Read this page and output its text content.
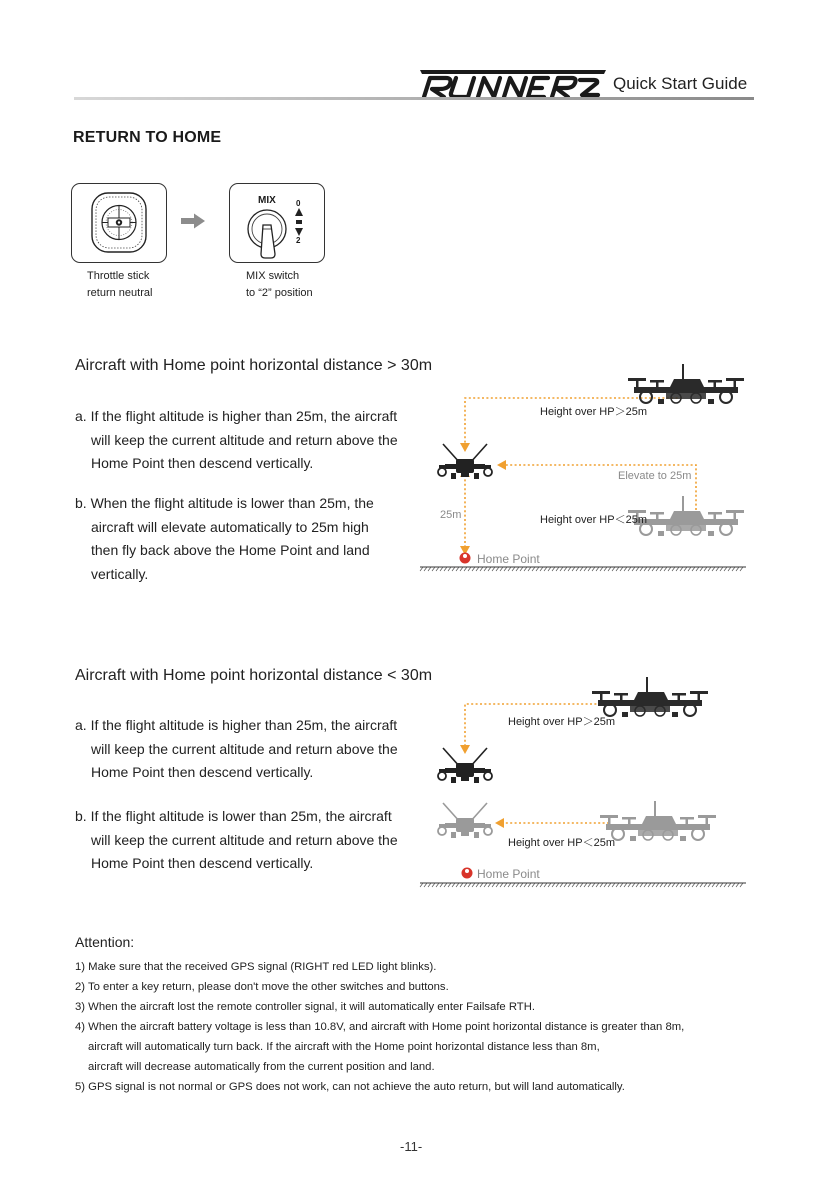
Quick Start Guide
RETURN TO HOME
MIX	0
2
Throttle stick
return neutral
MIX switch
to “2” position
Aircraft with Home point horizontal distance > 30m
a. If the flight altitude is higher than 25m, the aircraft
will keep the current altitude and return above the
Home Point then descend vertically.
b. When the flight altitude is lower than 25m, the
aircraft will elevate automatically to 25m high
then fly back above the Home Point and land
vertically.
Height over HP＞25m
Elevate to 25m
25m	Height over HP＜25m
Home Point
Aircraft with Home point horizontal distance < 30m
a. If the flight altitude is higher than 25m, the aircraft
will keep the current altitude and return above the
Home Point then descend vertically.
b. If the flight altitude is lower than 25m, the aircraft
will keep the current altitude and return above the
Home Point then descend vertically.
Height over HP＞25m
Height over HP＜25m
Home Point
Attention:
1) Make sure that the received GPS signal (RIGHT red LED light blinks).
2) To enter a key return, please don't move the other switches and buttons.
3) When the aircraft lost the remote controller signal, it will automatically enter Failsafe RTH.
4) When the aircraft battery voltage is less than 10.8V, and aircraft with Home point horizontal distance is greater than 8m,
aircraft will automatically turn back. If the aircraft with the Home point horizontal distance less than 8m,
aircraft will decrease automatically from the current position and land.
5) GPS signal is not normal or GPS does not work, can not achieve the auto return, but will land automatically.
-11-
